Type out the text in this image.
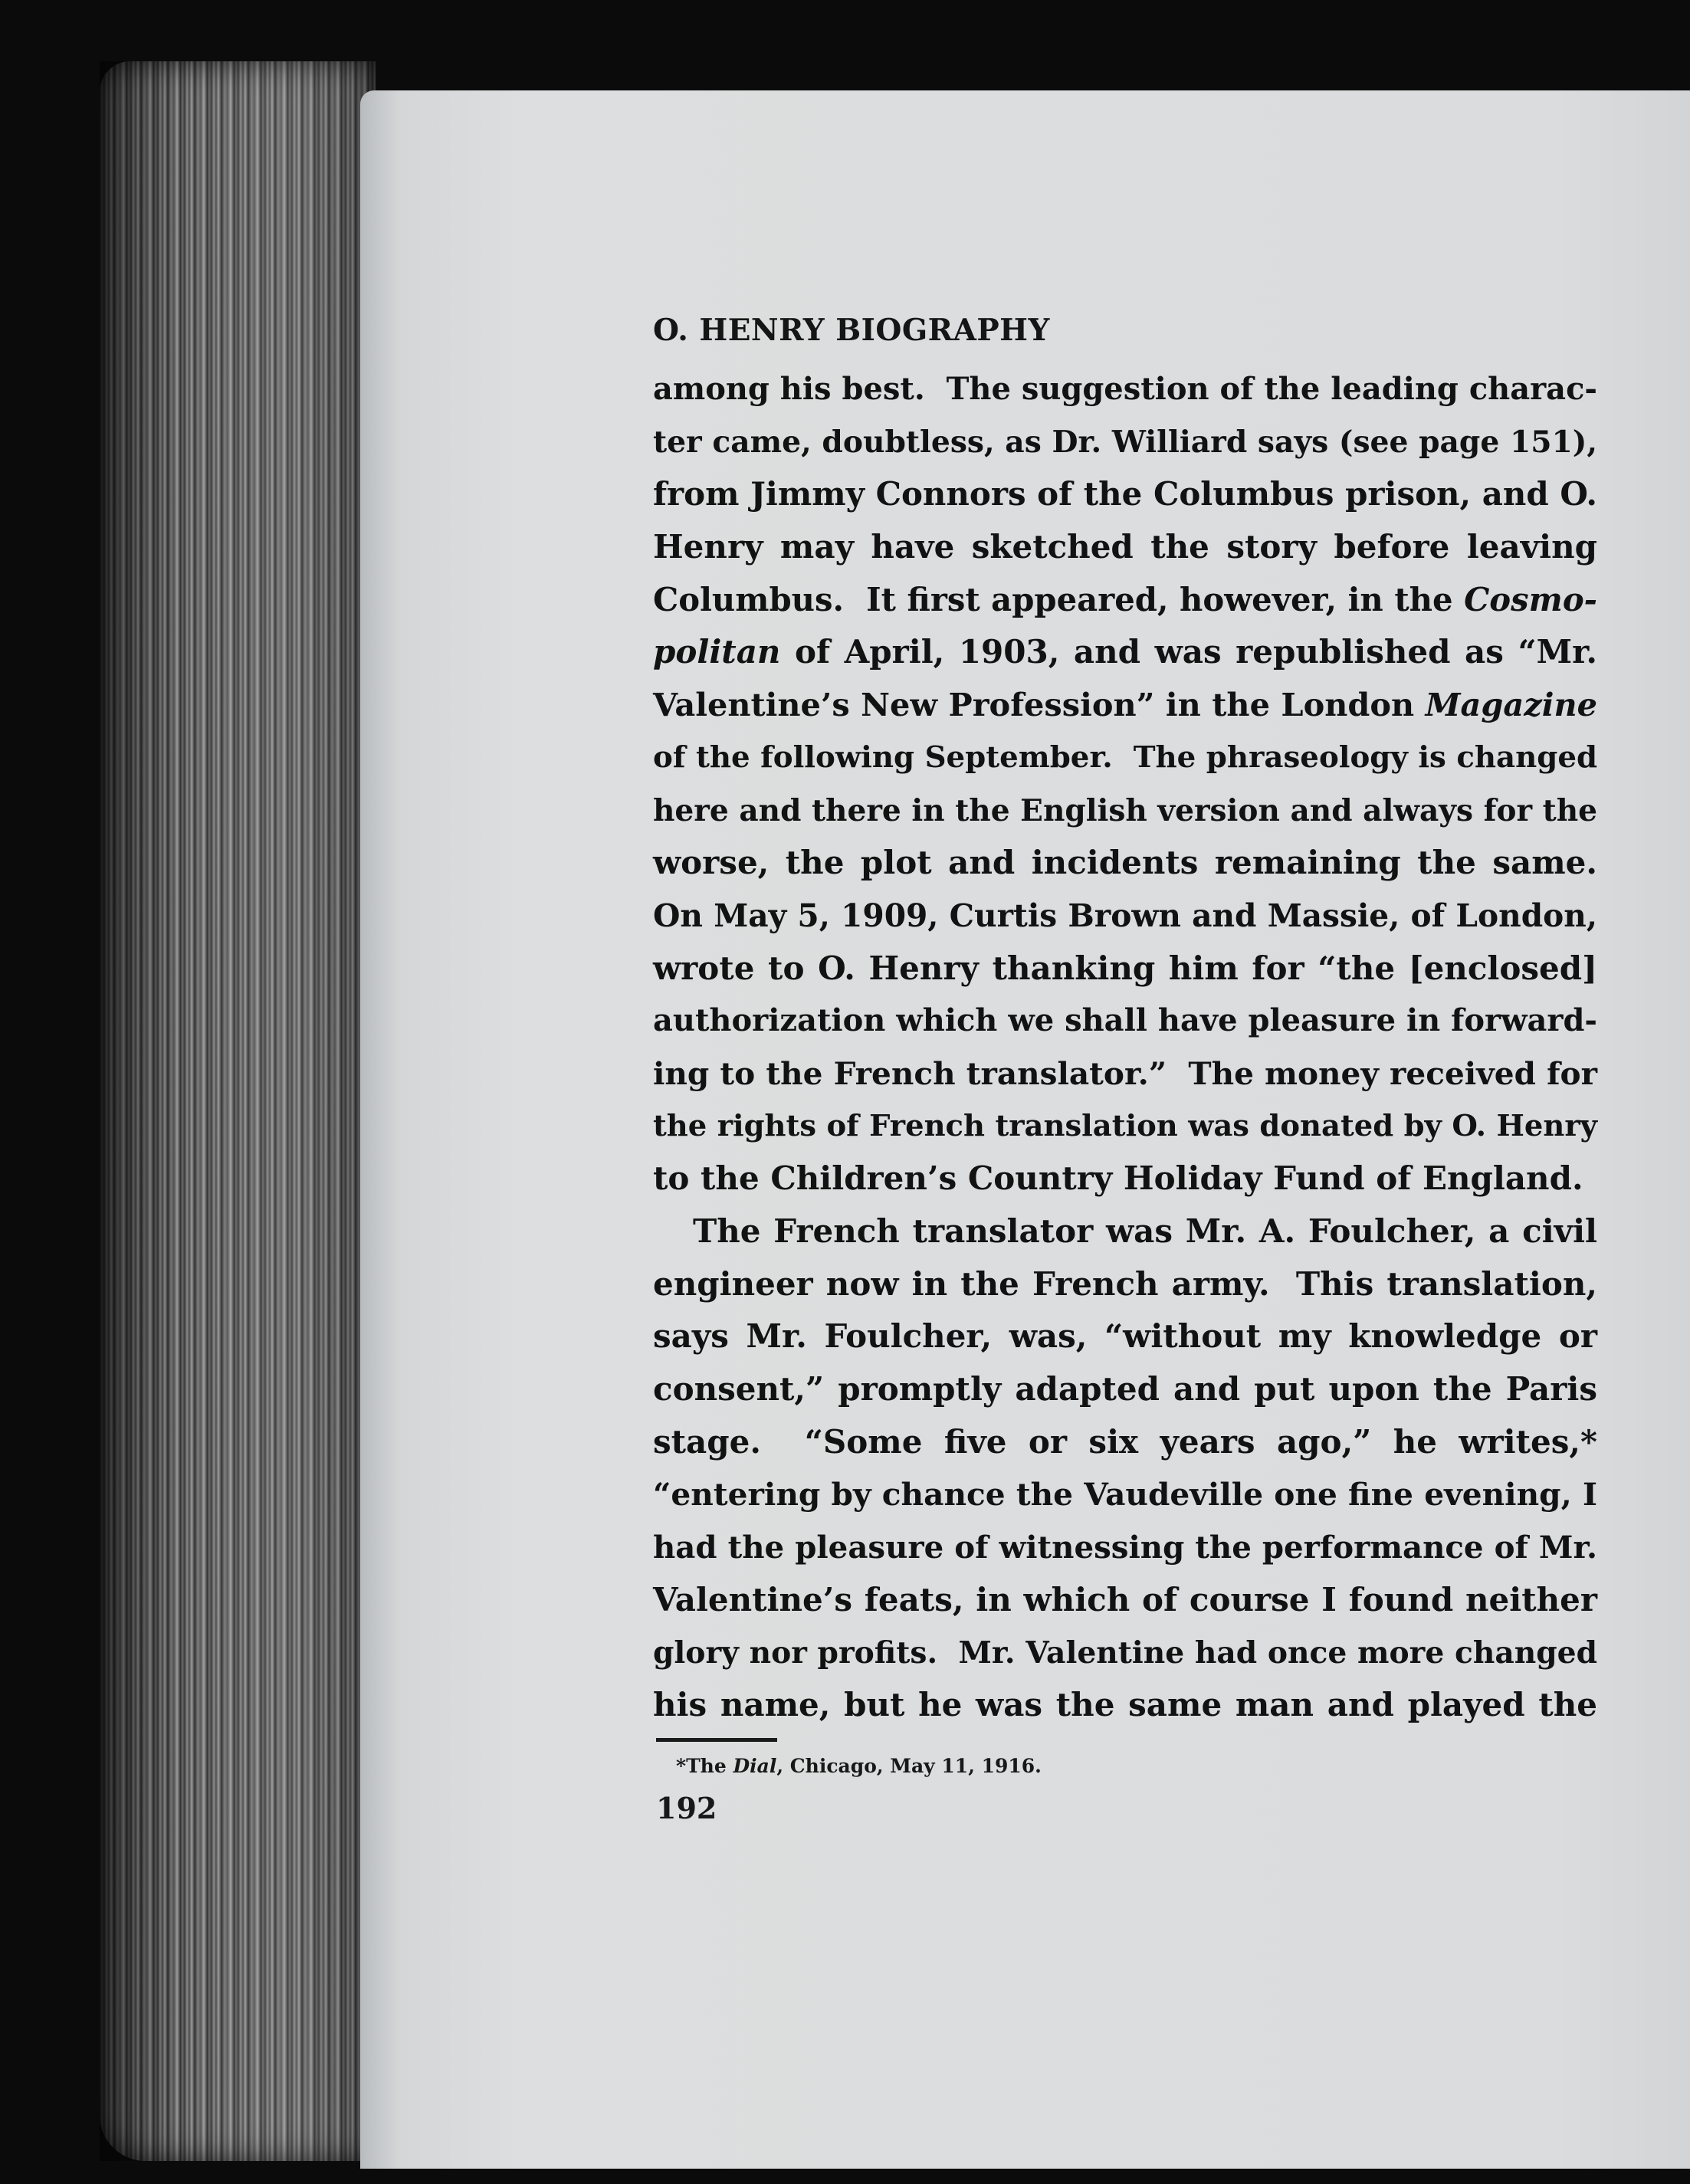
O. HENRY BIOGRAPHY
among his best.  The suggestion of the leading charac-
ter came, doubtless, as Dr. Williard says (see page 151),
from Jimmy Connors of the Columbus prison, and O.
Henry may have sketched the story before leaving
Columbus.  It first appeared, however, in the Cosmo-
politan of April, 1903, and was republished as “Mr.
Valentine’s New Profession” in the London Magazine
of the following September.  The phraseology is changed
here and there in the English version and always for the
worse, the plot and incidents remaining the same.
On May 5, 1909, Curtis Brown and Massie, of London,
wrote to O. Henry thanking him for “the [enclosed]
authorization which we shall have pleasure in forward-
ing to the French translator.”  The money received for
the rights of French translation was donated by O. Henry
to the Children’s Country Holiday Fund of England.
The French translator was Mr. A. Foulcher, a civil
engineer now in the French army.  This translation,
says Mr. Foulcher, was, “without my knowledge or
consent,” promptly adapted and put upon the Paris
stage.  “Some five or six years ago,” he writes,*
“entering by chance the Vaudeville one fine evening, I
had the pleasure of witnessing the performance of Mr.
Valentine’s feats, in which of course I found neither
glory nor profits.  Mr. Valentine had once more changed
his name, but he was the same man and played the
*The Dial, Chicago, May 11, 1916.
192
